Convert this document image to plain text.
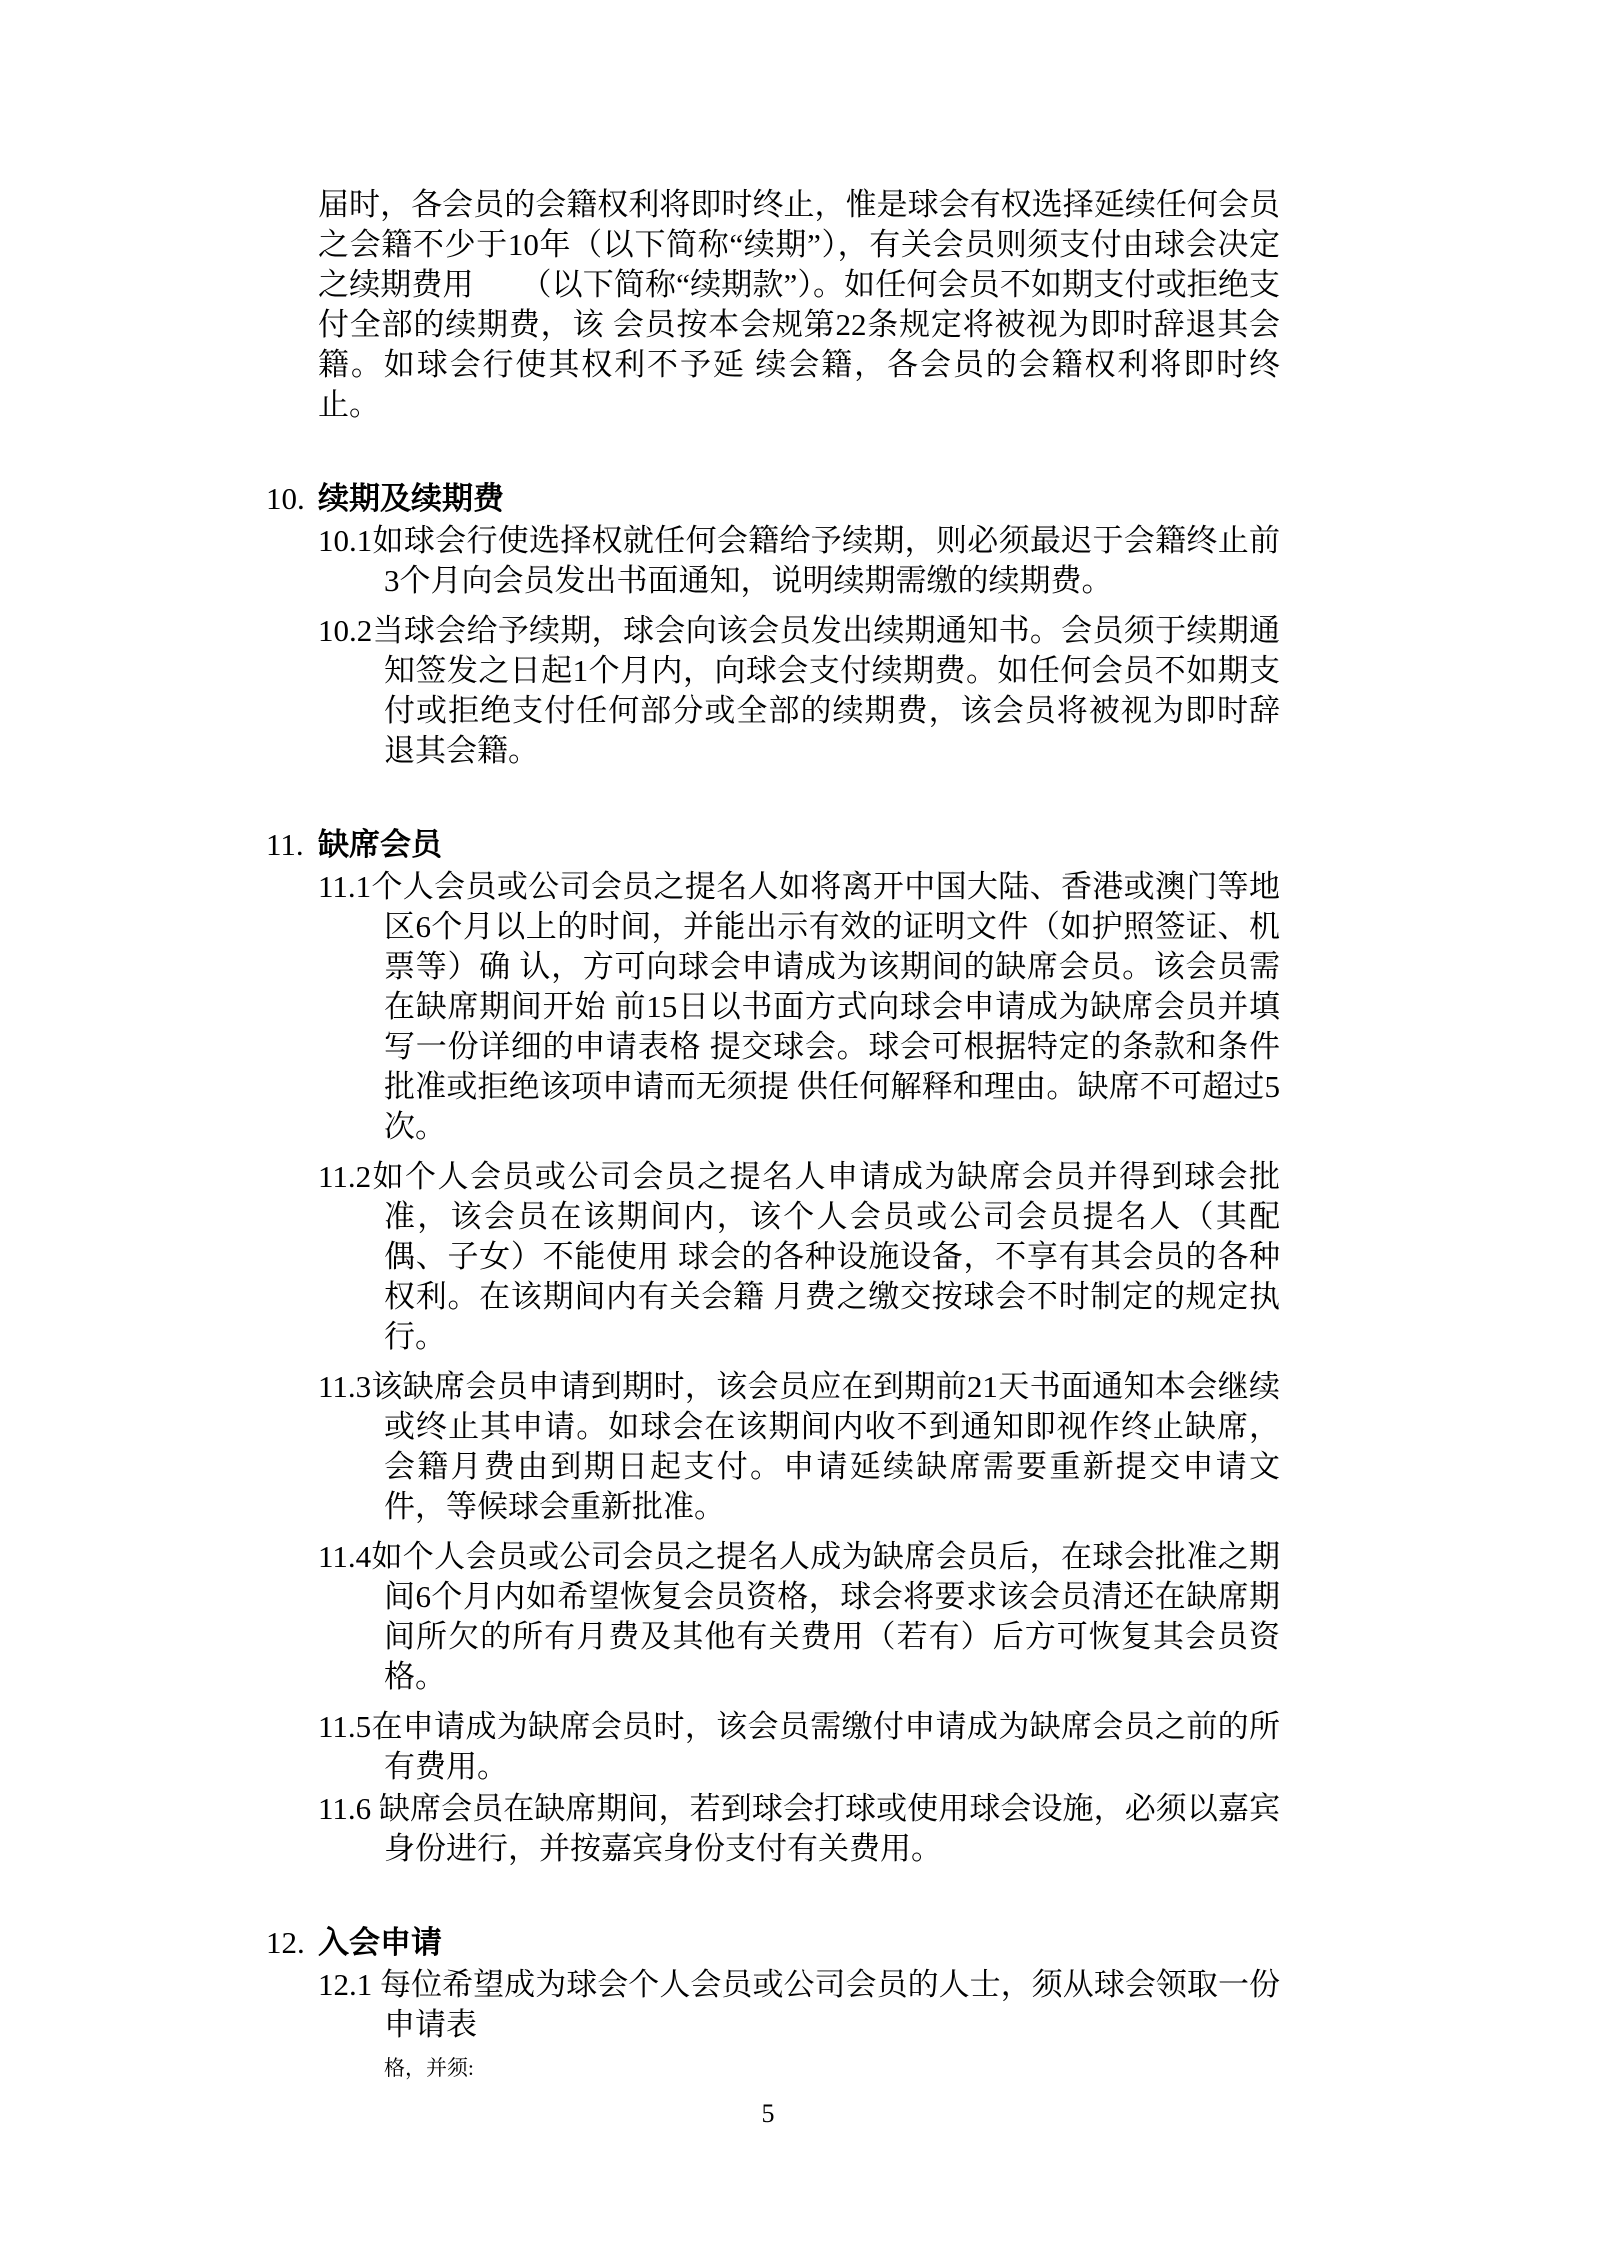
届时，各会员的会籍权利将即时终止，惟是球会有权选择延续任何会员之会籍不少于10年（以下简称“续期”），有关会员则须支付由球会决定之续期费用　　（以下简称“续期款”）。如任何会员不如期支付或拒绝支付全部的续期费，该 会员按本会规第22条规定将被视为即时辞退其会籍。如球会行使其权利不予延 续会籍，各会员的会籍权利将即时终止。

10. 续期及续期费
10.1如球会行使选择权就任何会籍给予续期，则必须最迟于会籍终止前3个月向会员发出书面通知，说明续期需缴的续期费。
10.2当球会给予续期，球会向该会员发出续期通知书。会员须于续期通知签发之日起1个月内，向球会支付续期费。如任何会员不如期支付或拒绝支付任何部分或全部的续期费，该会员将被视为即时辞退其会籍。
11. 缺席会员
11.1个人会员或公司会员之提名人如将离开中国大陆、香港或澳门等地区6个月以上的时间，并能出示有效的证明文件（如护照签证、机票等）确 认，方可向球会申请成为该期间的缺席会员。该会员需在缺席期间开始 前15日以书面方式向球会申请成为缺席会员并填写一份详细的申请表格 提交球会。球会可根据特定的条款和条件批准或拒绝该项申请而无须提 供任何解释和理由。缺席不可超过5次。
11.2如个人会员或公司会员之提名人申请成为缺席会员并得到球会批准，该会员在该期间内，该个人会员或公司会员提名人（其配偶、子女）不能使用 球会的各种设施设备，不享有其会员的各种权利。在该期间内有关会籍 月费之缴交按球会不时制定的规定执行。
11.3该缺席会员申请到期时，该会员应在到期前21天书面通知本会继续或终止其申请。如球会在该期间内收不到通知即视作终止缺席，会籍月费由到期日起支付。申请延续缺席需要重新提交申请文件，等候球会重新批准。
11.4如个人会员或公司会员之提名人成为缺席会员后，在球会批准之期间6个月内如希望恢复会员资格，球会将要求该会员清还在缺席期间所欠的所有月费及其他有关费用（若有）后方可恢复其会员资格。
11.5在申请成为缺席会员时，该会员需缴付申请成为缺席会员之前的所有费用。
11.6 缺席会员在缺席期间，若到球会打球或使用球会设施，必须以嘉宾身份进行，并按嘉宾身份支付有关费用。
12. 入会申请
12.1 每位希望成为球会个人会员或公司会员的人士，须从球会领取一份申请表
格，并须:
5
